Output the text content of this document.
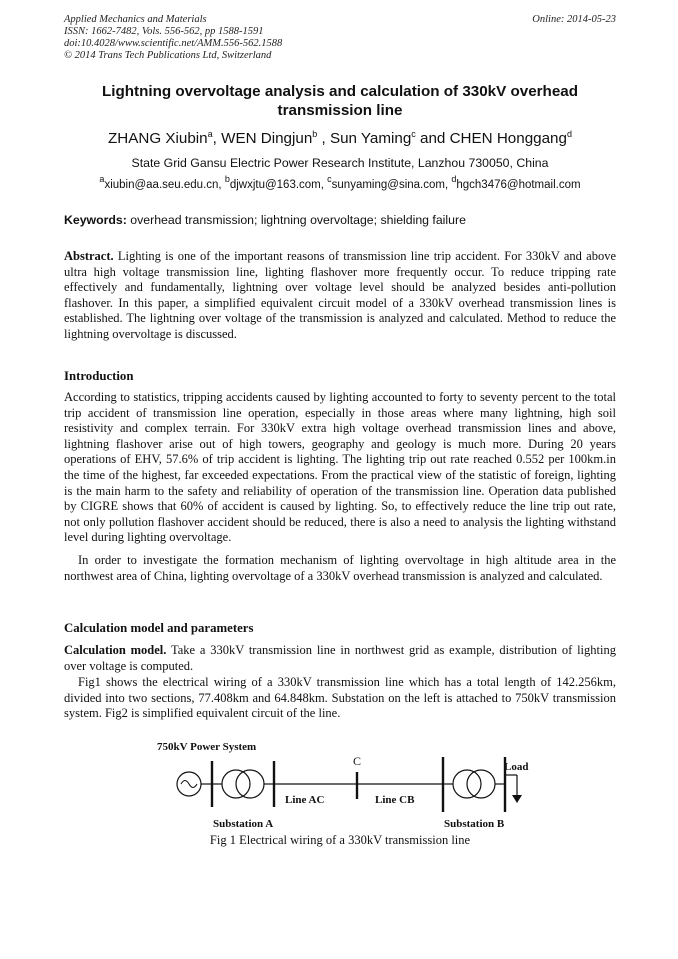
Applied Mechanics and Materials
ISSN: 1662-7482, Vols. 556-562, pp 1588-1591
doi:10.4028/www.scientific.net/AMM.556-562.1588
© 2014 Trans Tech Publications Ltd, Switzerland
Online: 2014-05-23
Lightning overvoltage analysis and calculation of 330kV overhead
transmission line
ZHANG Xiubin$^a$, WEN Dingjun$^b$ , Sun Yaming$^c$ and CHEN Honggang$^d$
State Grid Gansu Electric Power Research Institute, Lanzhou 730050, China
$^a$xiubin@aa.seu.edu.cn, $^b$djwxjtu@163.com, $^c$sunyaming@sina.com, $^d$hgch3476@hotmail.com
Keywords: overhead transmission; lightning overvoltage; shielding failure

Abstract. Lighting is one of the important reasons of transmission line trip accident. For 330kV and above ultra high voltage transmission line, lighting flashover more frequently occur. To reduce tripping rate effectively and fundamentally, lightning over voltage level should be analyzed besides anti-pollution flashover. In this paper, a simplified equivalent circuit model of a 330kV overhead transmission lines is established. The lightning over voltage of the transmission is analyzed and calculated. Method to reduce the lightning overvoltage is discussed.

Introduction

According to statistics, tripping accidents caused by lighting accounted to forty to seventy percent to the total trip accident of transmission line operation, especially in those areas where many lightning, high soil resistivity and complex terrain. For 330kV extra high voltage overhead transmission lines and above, lightning flashover arise out of high towers, geography and geology is much more. During 20 years operations of EHV, 57.6% of trip accident is lighting. The lighting trip out rate reached 0.552 per 100km.in the time of the highest, far exceeded expectations. From the practical view of the statistic of foreign, lighting is the main harm to the safety and reliability of operation of the transmission line. Operation data published by CIGRE shows that 60% of accident is caused by lighting. So, to effectively reduce the line trip out rate, not only pollution flashover accident should be reduced, there is also a need to analysis the lighting withstand level during lighting overvoltage.

In order to investigate the formation mechanism of lighting overvoltage in high altitude area in the northwest area of China, lighting overvoltage of a 330kV overhead transmission is analyzed and calculated.

Calculation model and parameters

Calculation model. Take a 330kV transmission line in northwest grid as example, distribution of lighting over voltage is computed.

Fig1 shows the electrical wiring of a 330kV transmission line which has a total length of 142.256km, divided into two sections, 77.408km and 64.848km. Substation on the left is attached to 750kV transmission system. Fig2 is simplified equivalent circuit of the line.

750kV Power System
Line AC
C
Line CB
Load
Substation A	Substation B
Fig 1 Electrical wiring of a 330kV transmission line
